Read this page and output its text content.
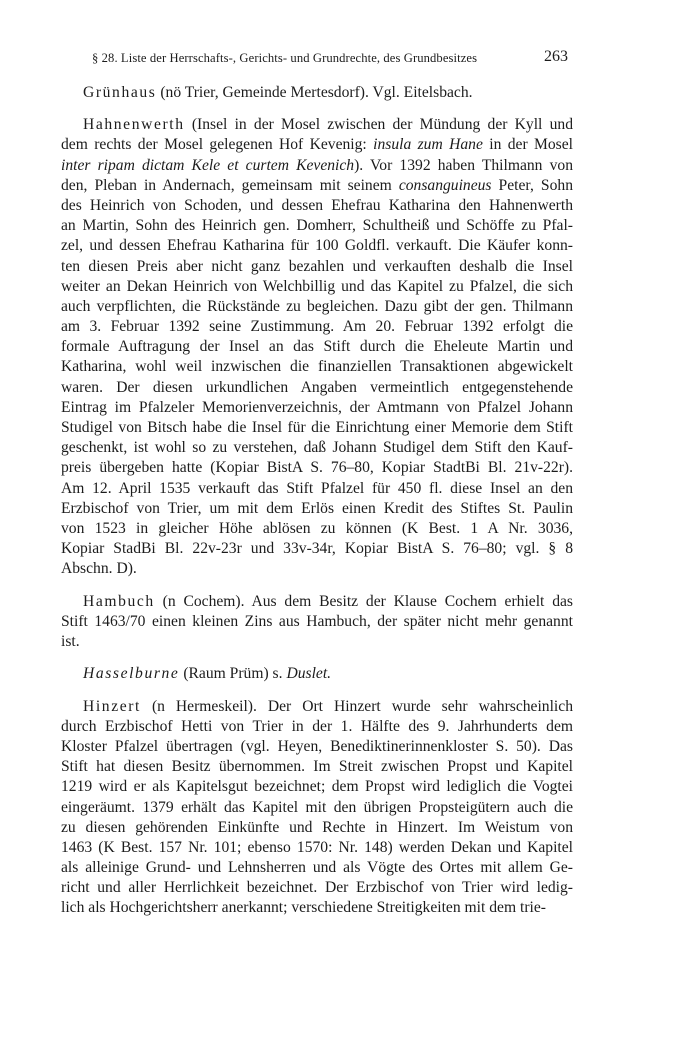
§ 28. Liste der Herrschafts-, Gerichts- und Grundrechte, des Grundbesitzes	263
Grünhaus (nö Trier, Gemeinde Mertesdorf). Vgl. Eitelsbach.
Hahnenwerth (Insel in der Mosel zwischen der Mündung der Kyll und
dem rechts der Mosel gelegenen Hof Kevenig: insula zum Hane in der Mosel
inter ripam dictam Kele et curtem Kevenich). Vor 1392 haben Thilmann von
den, Pleban in Andernach, gemeinsam mit seinem consanguineus Peter, Sohn
des Heinrich von Schoden, und dessen Ehefrau Katharina den Hahnenwerth
an Martin, Sohn des Heinrich gen. Domherr, Schultheiß und Schöffe zu Pfal-
zel, und dessen Ehefrau Katharina für 100 Goldfl. verkauft. Die Käufer konn-
ten diesen Preis aber nicht ganz bezahlen und verkauften deshalb die Insel
weiter an Dekan Heinrich von Welchbillig und das Kapitel zu Pfalzel, die sich
auch verpflichten, die Rückstände zu begleichen. Dazu gibt der gen. Thilmann
am 3. Februar 1392 seine Zustimmung. Am 20. Februar 1392 erfolgt die
formale Auftragung der Insel an das Stift durch die Eheleute Martin und
Katharina, wohl weil inzwischen die finanziellen Transaktionen abgewickelt
waren. Der diesen urkundlichen Angaben vermeintlich entgegenstehende
Eintrag im Pfalzeler Memorienverzeichnis, der Amtmann von Pfalzel Johann
Studigel von Bitsch habe die Insel für die Einrichtung einer Memorie dem Stift
geschenkt, ist wohl so zu verstehen, daß Johann Studigel dem Stift den Kauf-
preis übergeben hatte (Kopiar BistA S. 76–80, Kopiar StadtBi Bl. 21v-22r).
Am 12. April 1535 verkauft das Stift Pfalzel für 450 fl. diese Insel an den
Erzbischof von Trier, um mit dem Erlös einen Kredit des Stiftes St. Paulin
von 1523 in gleicher Höhe ablösen zu können (K Best. 1 A Nr. 3036,
Kopiar StadBi Bl. 22v-23r und 33v-34r, Kopiar BistA S. 76–80; vgl. § 8
Abschn. D).
Hambuch (n Cochem). Aus dem Besitz der Klause Cochem erhielt das
Stift 1463/70 einen kleinen Zins aus Hambuch, der später nicht mehr genannt
ist.
Hasselburne (Raum Prüm) s. Duslet.
Hinzert (n Hermeskeil). Der Ort Hinzert wurde sehr wahrscheinlich
durch Erzbischof Hetti von Trier in der 1. Hälfte des 9. Jahrhunderts dem
Kloster Pfalzel übertragen (vgl. Heyen, Benediktinerinnenkloster S. 50). Das
Stift hat diesen Besitz übernommen. Im Streit zwischen Propst und Kapitel
1219 wird er als Kapitelsgut bezeichnet; dem Propst wird lediglich die Vogtei
eingeräumt. 1379 erhält das Kapitel mit den übrigen Propsteigütern auch die
zu diesen gehörenden Einkünfte und Rechte in Hinzert. Im Weistum von
1463 (K Best. 157 Nr. 101; ebenso 1570: Nr. 148) werden Dekan und Kapitel
als alleinige Grund- und Lehnsherren und als Vögte des Ortes mit allem Ge-
richt und aller Herrlichkeit bezeichnet. Der Erzbischof von Trier wird ledig-
lich als Hochgerichtsherr anerkannt; verschiedene Streitigkeiten mit dem trie-
